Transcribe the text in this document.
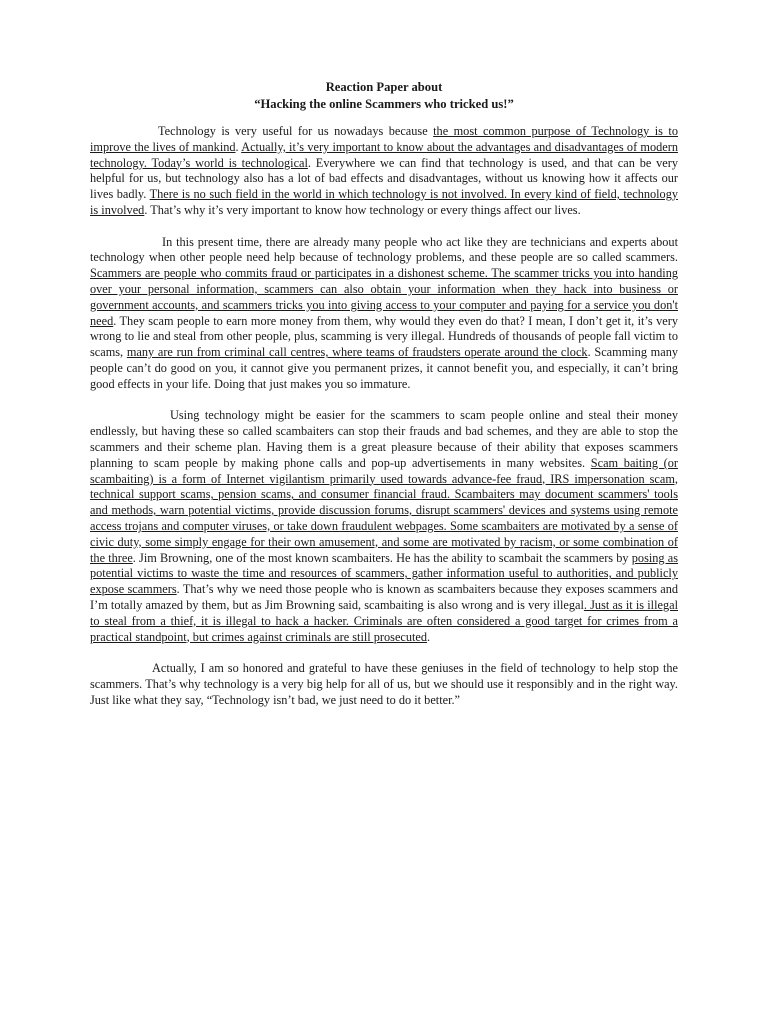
Reaction Paper about
“Hacking the online Scammers who tricked us!”

Technology is very useful for us nowadays because the most common purpose of Technology is to improve the lives of mankind. Actually, it’s very important to know about the advantages and disadvantages of modern technology. Today’s world is technological. Everywhere we can find that technology is used, and that can be very helpful for us, but technology also has a lot of bad effects and disadvantages, without us knowing how it affects our lives badly. There is no such field in the world in which technology is not involved. In every kind of field, technology is involved. That’s why it’s very important to know how technology or every things affect our lives.

In this present time, there are already many people who act like they are technicians and experts about technology when other people need help because of technology problems, and these people are so called scammers. Scammers are people who commits fraud or participates in a dishonest scheme. The scammer tricks you into handing over your personal information, scammers can also obtain your information when they hack into business or government accounts, and scammers tricks you into giving access to your computer and paying for a service you don't need. They scam people to earn more money from them, why would they even do that? I mean, I don’t get it, it’s very wrong to lie and steal from other people, plus, scamming is very illegal. Hundreds of thousands of people fall victim to scams, many are run from criminal call centres, where teams of fraudsters operate around the clock. Scamming many people can’t do good on you, it cannot give you permanent prizes, it cannot benefit you, and especially, it can’t bring good effects in your life. Doing that just makes you so immature.

Using technology might be easier for the scammers to scam people online and steal their money endlessly, but having these so called scambaiters can stop their frauds and bad schemes, and they are able to stop the scammers and their scheme plan. Having them is a great pleasure because of their ability that exposes scammers planning to scam people by making phone calls and pop-up advertisements in many websites. Scam baiting (or scambaiting) is a form of Internet vigilantism primarily used towards advance-fee fraud, IRS impersonation scam, technical support scams, pension scams, and consumer financial fraud. Scambaiters may document scammers' tools and methods, warn potential victims, provide discussion forums, disrupt scammers' devices and systems using remote access trojans and computer viruses, or take down fraudulent webpages. Some scambaiters are motivated by a sense of civic duty, some simply engage for their own amusement, and some are motivated by racism, or some combination of the three. Jim Browning, one of the most known scambaiters. He has the ability to scambait the scammers by posing as potential victims to waste the time and resources of scammers, gather information useful to authorities, and publicly expose scammers. That’s why we need those people who is known as scambaiters because they exposes scammers and I’m totally amazed by them, but as Jim Browning said, scambaiting is also wrong and is very illegal. Just as it is illegal to steal from a thief, it is illegal to hack a hacker. Criminals are often considered a good target for crimes from a practical standpoint, but crimes against criminals are still prosecuted.

Actually, I am so honored and grateful to have these geniuses in the field of technology to help stop the scammers. That’s why technology is a very big help for all of us, but we should use it responsibly and in the right way. Just like what they say, “Technology isn’t bad, we just need to do it better.”
